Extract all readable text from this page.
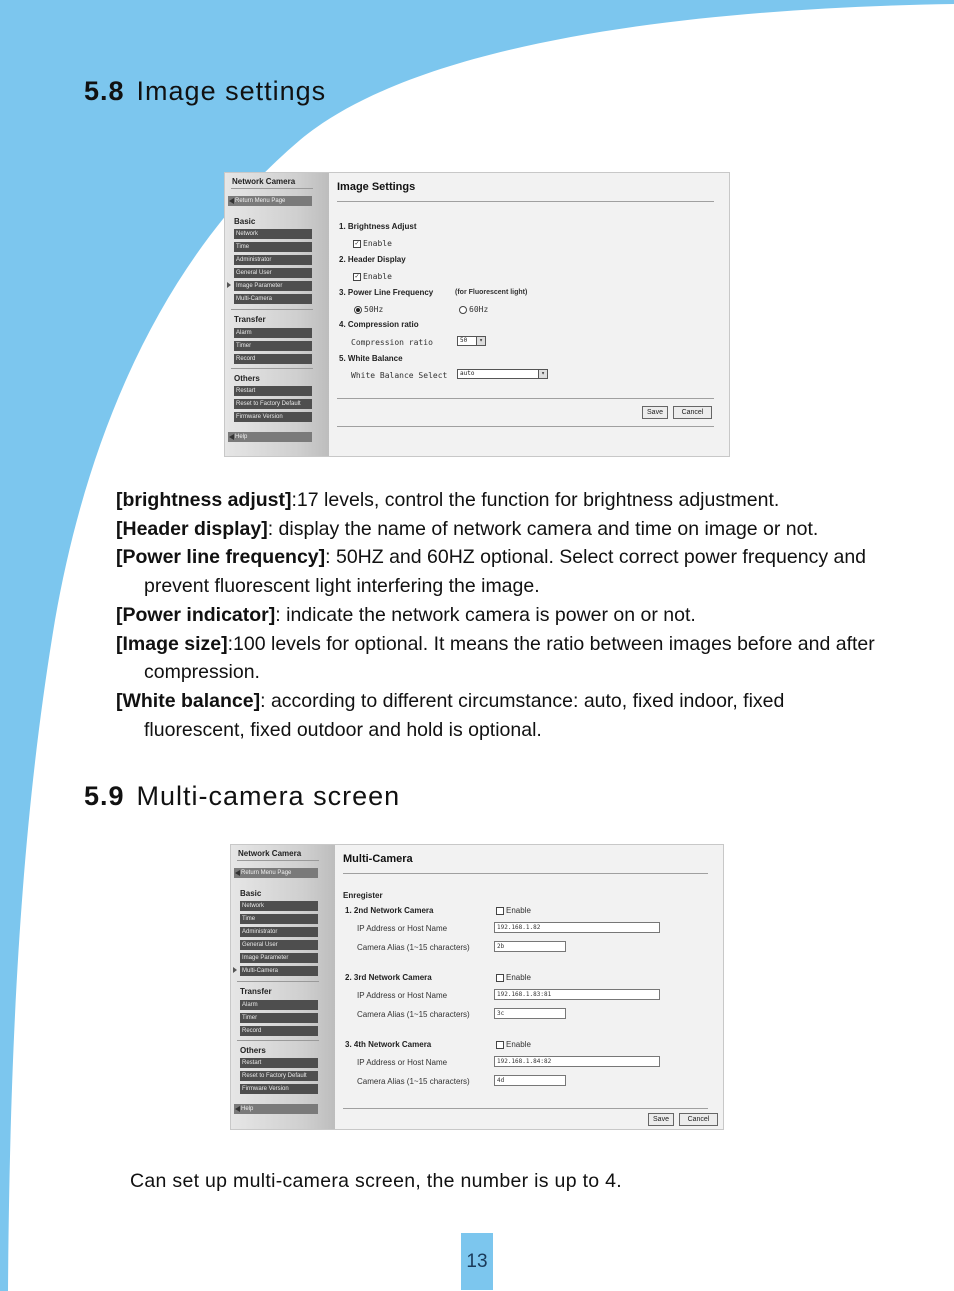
5.8 Image settings
Network Camera
Return Menu Page
Basic
Network
Time
Administrator
General User
Image Parameter
Multi-Camera
Transfer
Alarm
Timer
Record
Others
Restart
Reset to Factory Default
Firmware Version
Help
Image Settings
1. Brightness Adjust
✓ Enable
2. Header Display
✓ Enable
3. Power Line Frequency	(for Fluorescent light)
50Hz	60Hz
4. Compression ratio
Compression ratio	50	▾
5. White Balance
White Balance Select	auto	▾
Save	Cancel

[brightness adjust]:17 levels, control the function for brightness adjustment.

[Header display]: display the name of network camera and time on image or not.

[Power line frequency]: 50HZ and 60HZ optional. Select correct power frequency and prevent fluorescent light interfering the image.

[Power indicator]: indicate the network camera is power on or not.

[Image size]:100 levels for optional. It means the ratio between images before and after compression.

[White balance]: according to different circumstance: auto, fixed indoor, fixed fluorescent, fixed outdoor and hold is optional.

5.9 Multi-camera screen
Network Camera
Return Menu Page
Basic
Network
Time
Administrator
General User
Image Parameter
Multi-Camera
Transfer
Alarm
Timer
Record
Others
Restart
Reset to Factory Default
Firmware Version
Help
Multi-Camera
Enregister
1. 2nd Network Camera	Enable
IP Address or Host Name	192.168.1.82
Camera Alias (1~15 characters)	2b
2. 3rd Network Camera	Enable
IP Address or Host Name	192.168.1.83:81
Camera Alias (1~15 characters)	3c
3. 4th Network Camera	Enable
IP Address or Host Name	192.168.1.84:82
Camera Alias (1~15 characters)	4d
Save	Cancel
Can set up multi-camera screen, the number is up to 4.
13
